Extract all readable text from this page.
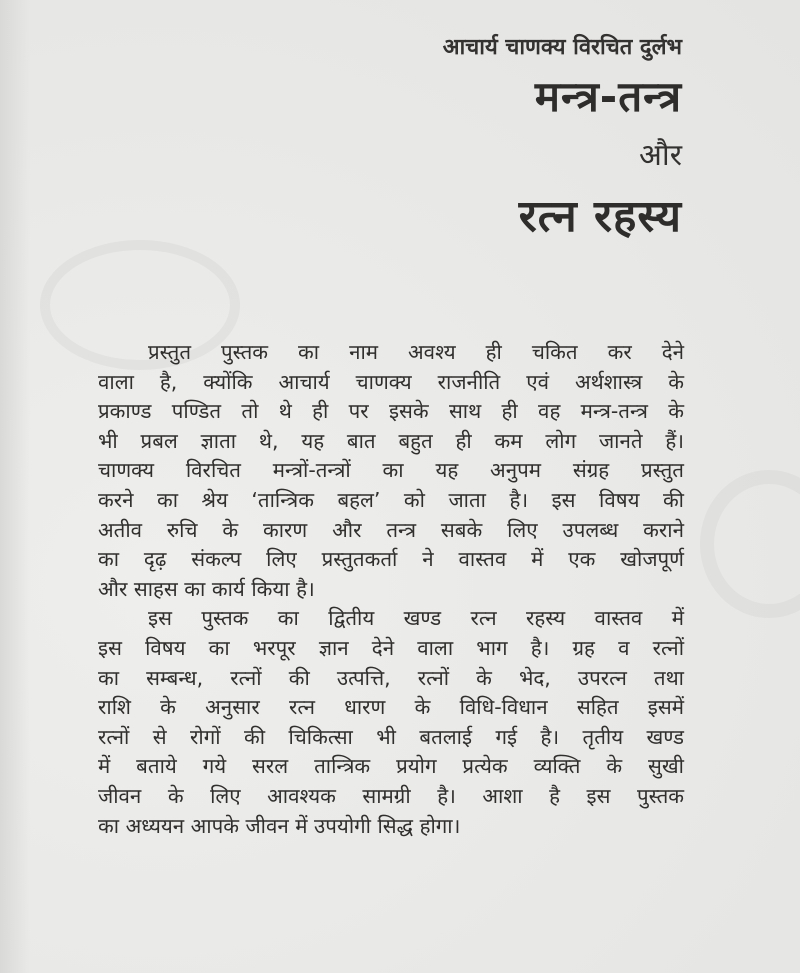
आचार्य चाणक्य विरचित दुर्लभ

मन्त्र-तन्त्र

और

रत्न रहस्य

प्रस्तुत पुस्तक का नाम अवश्य ही चकित कर देने
वाला है, क्योंकि आचार्य चाणक्य राजनीति एवं अर्थशास्त्र के
प्रकाण्ड पण्डित तो थे ही पर इसके साथ ही वह मन्त्र-तन्त्र के
भी प्रबल ज्ञाता थे, यह बात बहुत ही कम लोग जानते हैं।
चाणक्य विरचित मन्त्रों-तन्त्रों का यह अनुपम संग्रह प्रस्तुत
करने का श्रेय ‘तान्त्रिक बहल’ को जाता है। इस विषय की
अतीव रुचि के कारण और तन्त्र सबके लिए उपलब्ध कराने
का दृढ़ संकल्प लिए प्रस्तुतकर्ता ने वास्तव में एक खोजपूर्ण
और साहस का कार्य किया है।

इस पुस्तक का द्वितीय खण्ड रत्न रहस्य वास्तव में
इस विषय का भरपूर ज्ञान देने वाला भाग है। ग्रह व रत्नों
का सम्बन्ध, रत्नों की उत्पत्ति, रत्नों के भेद, उपरत्न तथा
राशि के अनुसार रत्न धारण के विधि-विधान सहित इसमें
रत्नों से रोगों की चिकित्सा भी बतलाई गई है। तृतीय खण्ड
में बताये गये सरल तान्त्रिक प्रयोग प्रत्येक व्यक्ति के सुखी
जीवन के लिए आवश्यक सामग्री है। आशा है इस पुस्तक
का अध्ययन आपके जीवन में उपयोगी सिद्ध होगा।
